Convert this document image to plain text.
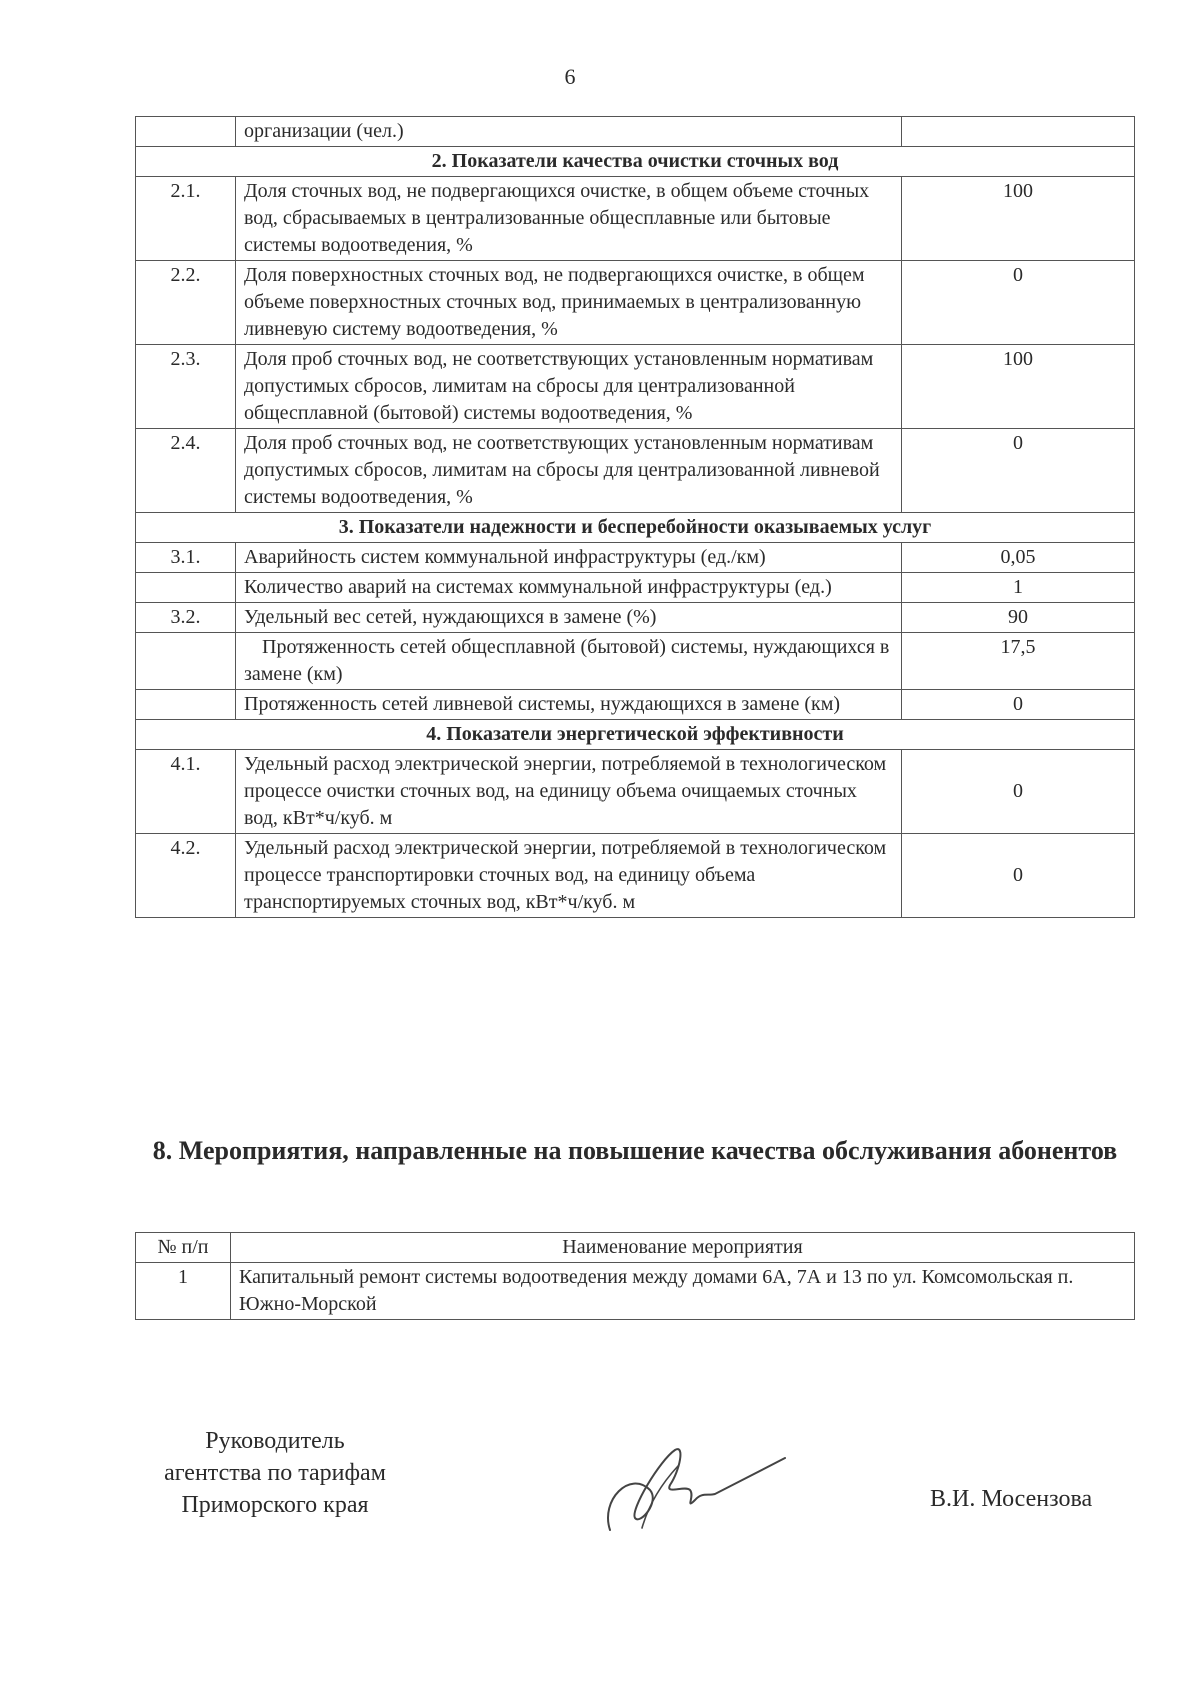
6
	организации (чел.)	
2. Показатели качества очистки сточных вод		
2.1.	Доля сточных вод, не подвергающихся очистке, в общем объеме сточных вод, сбрасываемых в централизованные общесплавные или бытовые системы водоотведения, %	100
2.2.	Доля поверхностных сточных вод, не подвергающихся очистке, в общем объеме поверхностных сточных вод, принимаемых в централизованную ливневую систему водоотведения, %	0
2.3.	Доля проб сточных вод, не соответствующих установленным нормативам допустимых сбросов, лимитам на сбросы для централизованной общесплавной (бытовой) системы водоотведения, %	100
2.4.	Доля проб сточных вод, не соответствующих установленным нормативам допустимых сбросов, лимитам на сбросы для централизованной ливневой системы водоотведения, %	0
3. Показатели надежности и бесперебойности оказываемых услуг		
3.1.	Аварийность систем коммунальной инфраструктуры (ед./км)	0,05
	Количество аварий на системах коммунальной инфраструктуры (ед.)	1
3.2.	Удельный вес сетей, нуждающихся в замене (%)	90
	Протяженность сетей общесплавной (бытовой) системы, нуждающихся в замене (км)	17,5
	Протяженность сетей ливневой системы, нуждающихся в замене (км)	0
4. Показатели энергетической эффективности		
4.1.	Удельный расход электрической энергии, потребляемой в технологическом процессе очистки сточных вод, на единицу объема очищаемых сточных вод, кВт*ч/куб. м	0
4.2.	Удельный расход электрической энергии, потребляемой в технологическом процессе транспортировки сточных вод, на единицу объема транспортируемых сточных вод, кВт*ч/куб. м	0
8. Мероприятия, направленные на повышение качества обслуживания абонентов
№ п/п	Наименование мероприятия
1	Капитальный ремонт системы водоотведения между домами 6А, 7А и 13 по ул. Комсомольская п. Южно-Морской
Руководитель
агентства по тарифам
Приморского края	В.И. Мосензова
